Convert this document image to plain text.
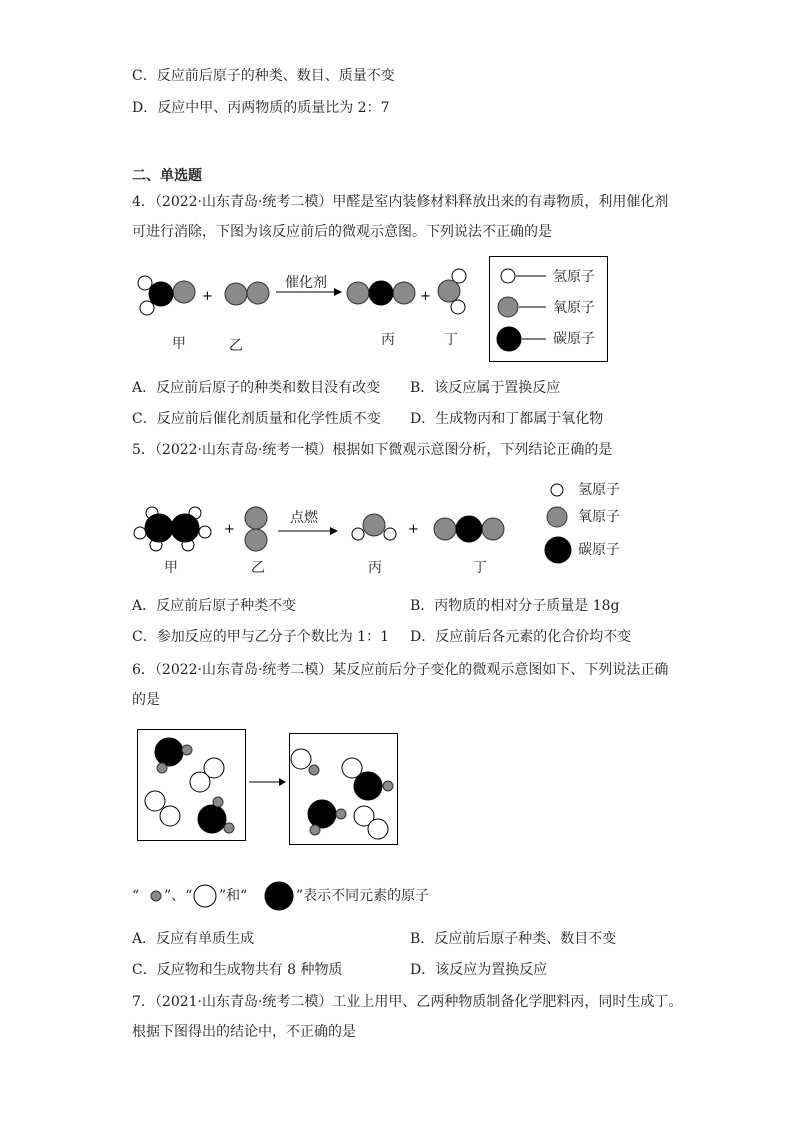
C．反应前后原子的种类、数目、质量不变
D．反应中甲、丙两物质的质量比为 2：7
二、单选题
4．（2022·山东青岛·统考二模）甲醛是室内装修材料释放出来的有毒物质，利用催化剂
可进行消除，下图为该反应前后的微观示意图。下列说法不正确的是
+	+
催化剂
甲	乙	丙	丁
氢原子
氧原子
碳原子
A．反应前后原子的种类和数目没有改变 B．该反应属于置换反应
C．反应前后催化剂质量和化学性质不变 D．生成物丙和丁都属于氧化物
5．（2022·山东青岛·统考一模）根据如下微观示意图分析，下列结论正确的是
+	+
点燃
甲	乙	丙	丁
氢原子
氧原子
碳原子
A．反应前后原子种类不变	B．丙物质的相对分子质量是 18g
C．参加反应的甲与乙分子个数比为 1：1 D．反应前后各元素的化合价均不变
6．（2022·山东青岛·统考二模）某反应前后分子变化的微观示意图如下、下列说法正确
的是
“ ”、“ ”和“	”表示不同元素的原子
A．反应有单质生成	B．反应前后原子种类、数目不变
C．反应物和生成物共有 8 种物质	D．该反应为置换反应
7．（2021·山东青岛·统考二模）工业上用甲、乙两种物质制备化学肥料丙，同时生成丁。
根据下图得出的结论中，不正确的是
